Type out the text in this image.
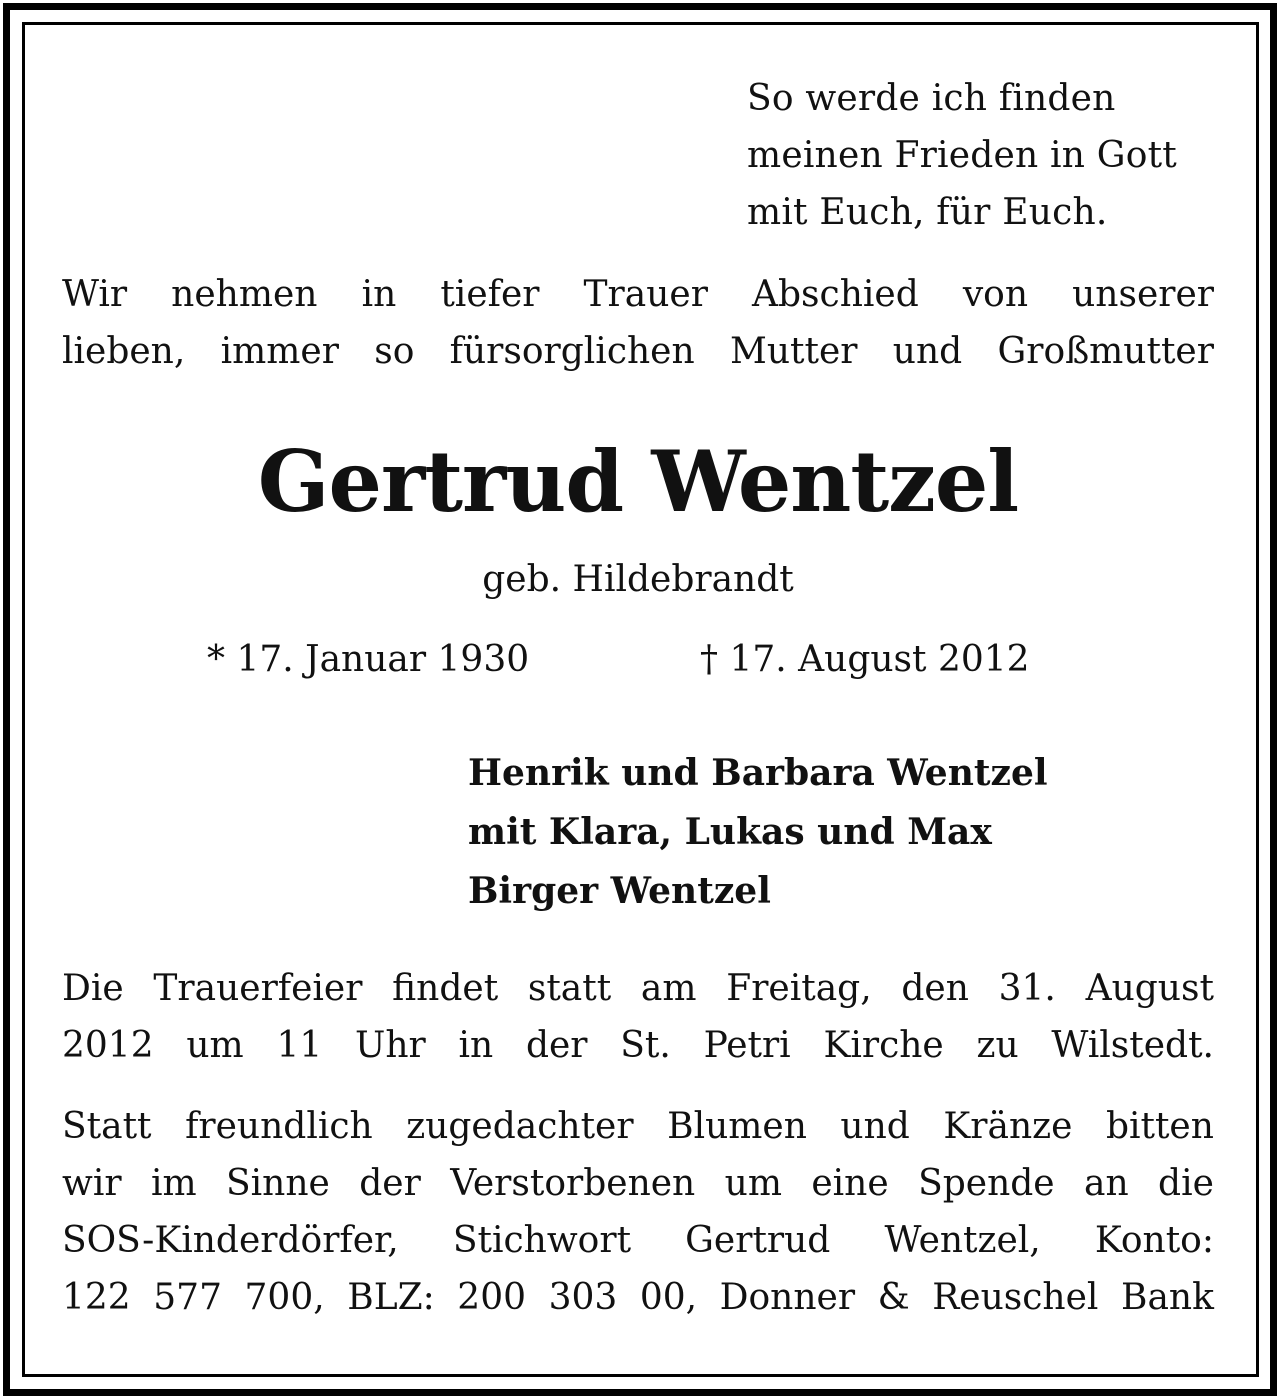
So werde ich finden
meinen Frieden in Gott
mit Euch, für Euch.
Wir nehmen in tiefer Trauer Abschied von unserer
lieben, immer so fürsorglichen Mutter und Großmutter
Gertrud Wentzel
geb. Hildebrandt
* 17. Januar 1930	† 17. August 2012
Henrik und Barbara Wentzel
mit Klara, Lukas und Max
Birger Wentzel
Die Trauerfeier findet statt am Freitag, den 31. August
2012 um 11 Uhr in der St. Petri Kirche zu Wilstedt.
Statt freundlich zugedachter Blumen und Kränze bitten
wir im Sinne der Verstorbenen um eine Spende an die
SOS-Kinderdörfer, Stichwort Gertrud Wentzel, Konto:
122 577 700, BLZ: 200 303 00, Donner & Reuschel Bank
